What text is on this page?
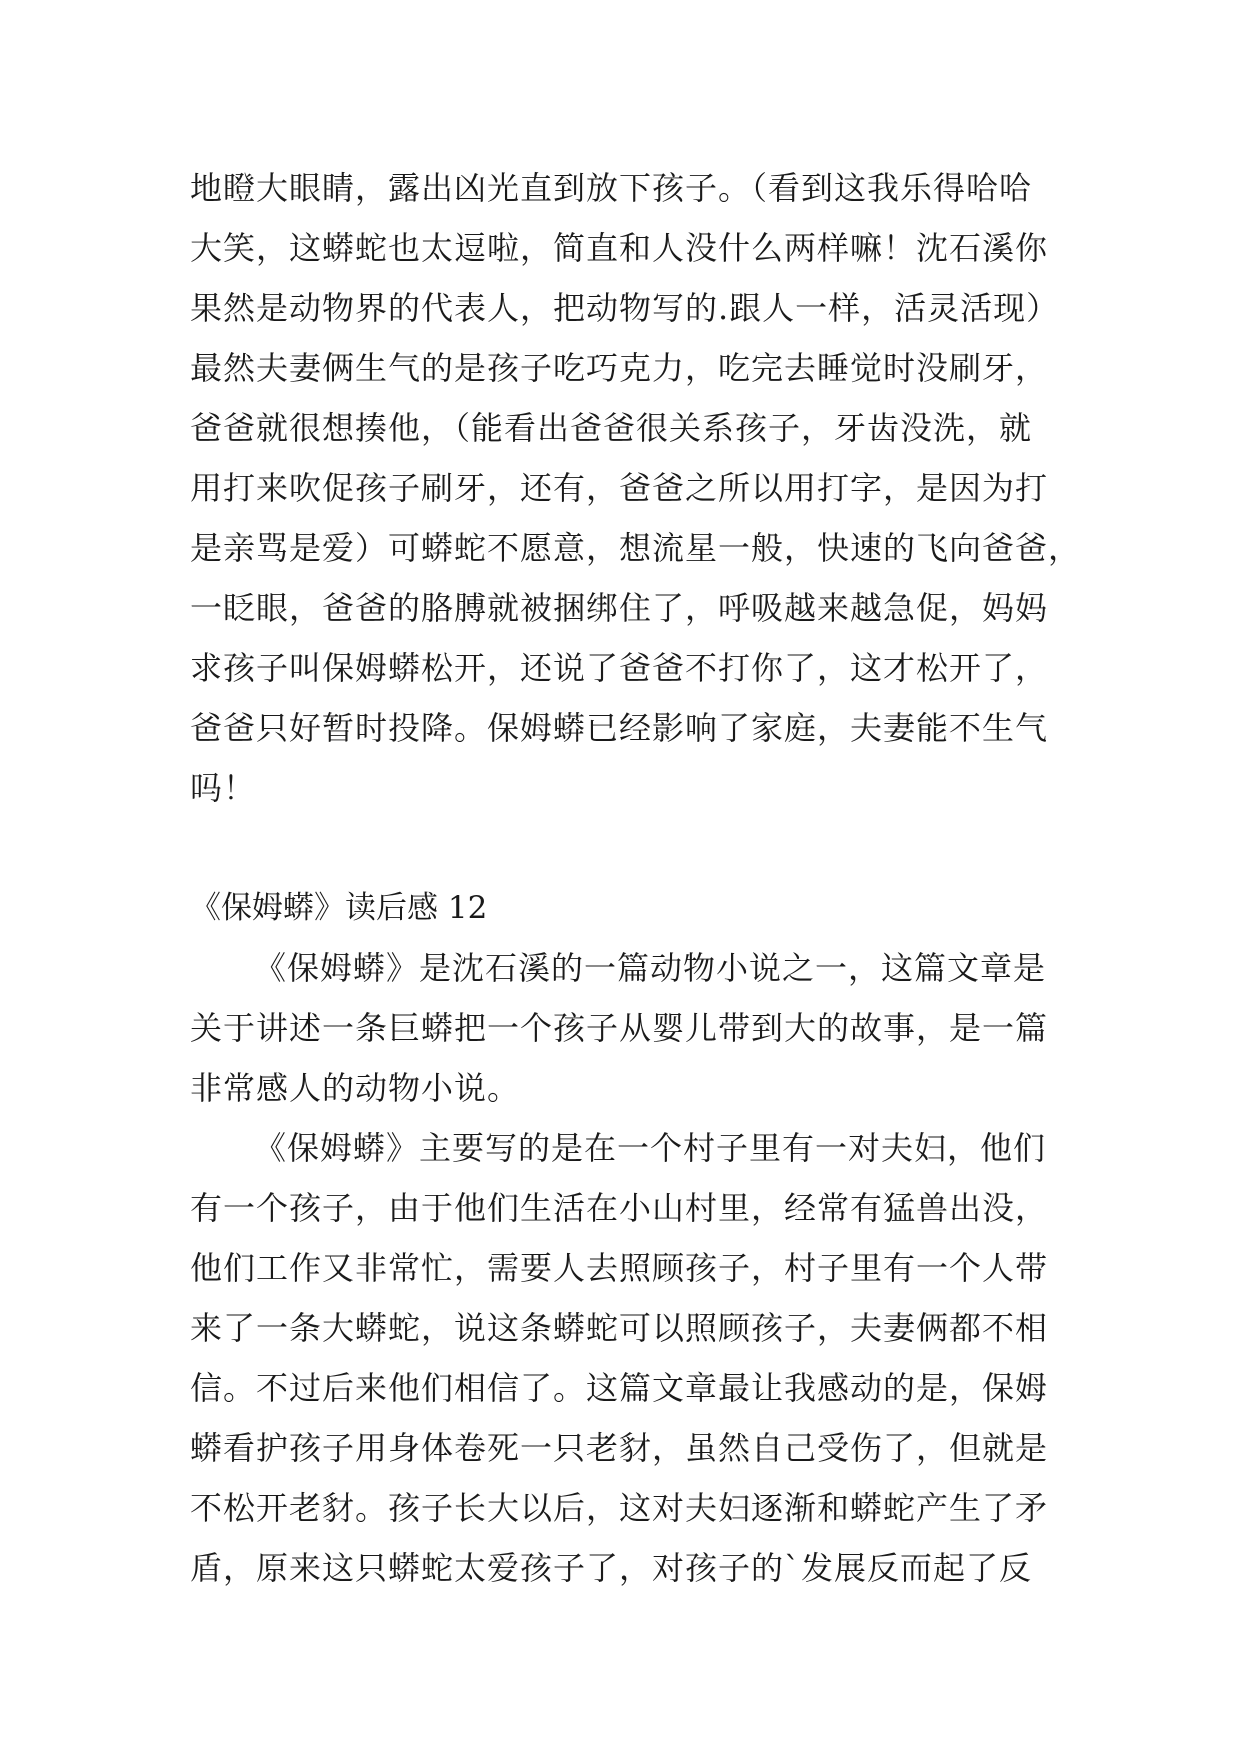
地瞪大眼睛，露出凶光直到放下孩子。（看到这我乐得哈哈
大笑，这蟒蛇也太逗啦，简直和人没什么两样嘛！沈石溪你
果然是动物界的代表人，把动物写的.跟人一样，活灵活现）
最然夫妻俩生气的是孩子吃巧克力，吃完去睡觉时没刷牙，
爸爸就很想揍他，（能看出爸爸很关系孩子，牙齿没洗，就
用打来吹促孩子刷牙，还有，爸爸之所以用打字，是因为打
是亲骂是爱）可蟒蛇不愿意，想流星一般，快速的飞向爸爸，
一眨眼，爸爸的胳膊就被捆绑住了，呼吸越来越急促，妈妈
求孩子叫保姆蟒松开，还说了爸爸不打你了，这才松开了，
爸爸只好暂时投降。保姆蟒已经影响了家庭，夫妻能不生气
吗！
《保姆蟒》读后感 12
《保姆蟒》是沈石溪的一篇动物小说之一，这篇文章是
关于讲述一条巨蟒把一个孩子从婴儿带到大的故事，是一篇
非常感人的动物小说。
《保姆蟒》主要写的是在一个村子里有一对夫妇，他们
有一个孩子，由于他们生活在小山村里，经常有猛兽出没，
他们工作又非常忙，需要人去照顾孩子，村子里有一个人带
来了一条大蟒蛇，说这条蟒蛇可以照顾孩子，夫妻俩都不相
信。不过后来他们相信了。这篇文章最让我感动的是，保姆
蟒看护孩子用身体卷死一只老豺，虽然自己受伤了，但就是
不松开老豺。孩子长大以后，这对夫妇逐渐和蟒蛇产生了矛
盾，原来这只蟒蛇太爱孩子了，对孩子的`发展反而起了反
